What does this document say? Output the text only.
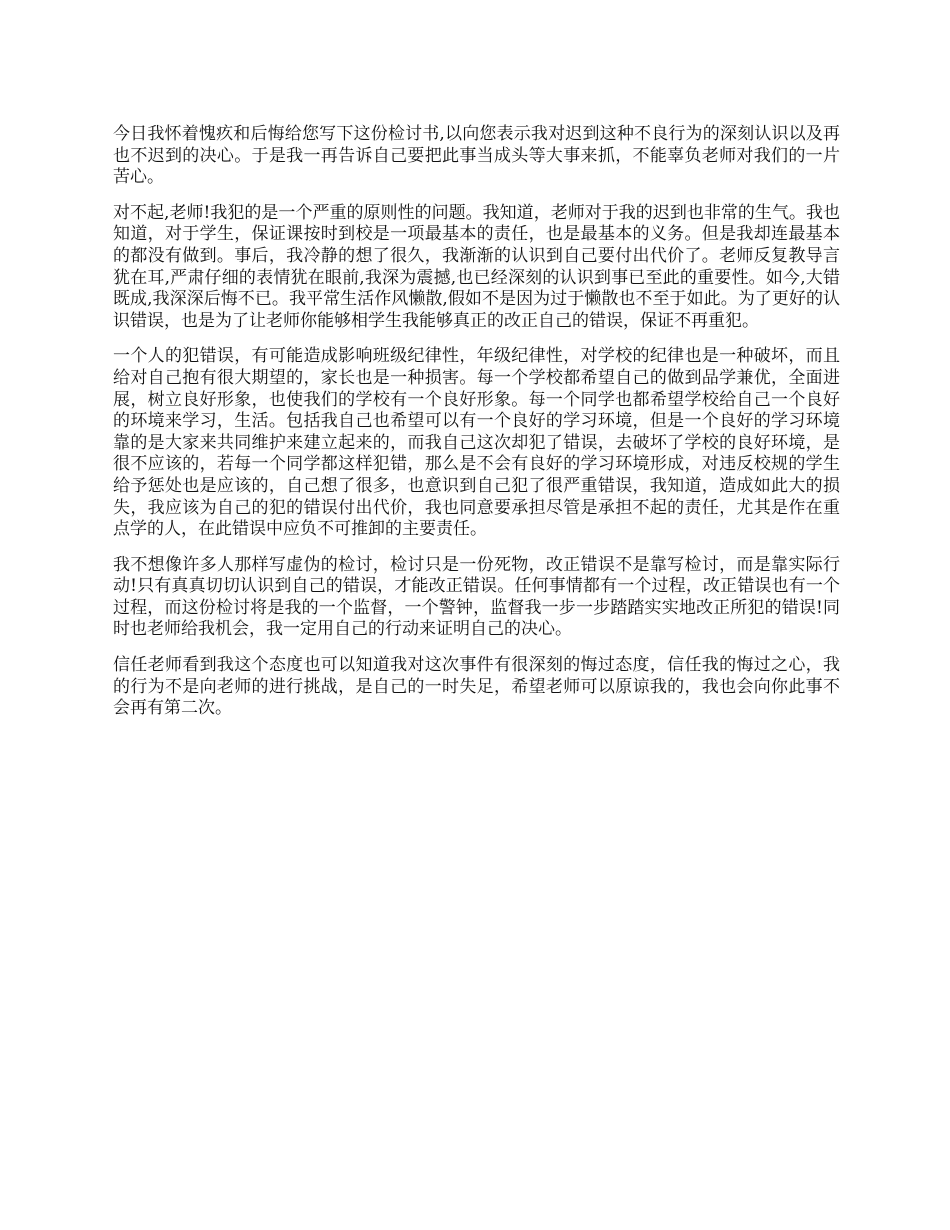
今日我怀着愧疚和后悔给您写下这份检讨书,以向您表示我对迟到这种不良行为的深刻认识以及再也不迟到的决心。于是我一再告诉自己要把此事当成头等大事来抓，不能辜负老师对我们的一片苦心。

对不起,老师!我犯的是一个严重的原则性的问题。我知道，老师对于我的迟到也非常的生气。我也知道，对于学生，保证课按时到校是一项最基本的责任，也是最基本的义务。但是我却连最基本的都没有做到。事后，我冷静的想了很久，我渐渐的认识到自己要付出代价了。老师反复教导言犹在耳,严肃仔细的表情犹在眼前,我深为震撼,也已经深刻的认识到事已至此的重要性。如今,大错既成,我深深后悔不已。我平常生活作风懒散,假如不是因为过于懒散也不至于如此。为了更好的认识错误，也是为了让老师你能够相学生我能够真正的改正自己的错误，保证不再重犯。

一个人的犯错误，有可能造成影响班级纪律性，年级纪律性，对学校的纪律也是一种破坏，而且给对自己抱有很大期望的，家长也是一种损害。每一个学校都希望自己的做到品学兼优，全面进展，树立良好形象，也使我们的学校有一个良好形象。每一个同学也都希望学校给自己一个良好的环境来学习，生活。包括我自己也希望可以有一个良好的学习环境，但是一个良好的学习环境靠的是大家来共同维护来建立起来的，而我自己这次却犯了错误，去破坏了学校的良好环境，是很不应该的，若每一个同学都这样犯错，那么是不会有良好的学习环境形成，对违反校规的学生给予惩处也是应该的，自己想了很多，也意识到自己犯了很严重错误，我知道，造成如此大的损失，我应该为自己的犯的错误付出代价，我也同意要承担尽管是承担不起的责任，尤其是作在重点学的人，在此错误中应负不可推卸的主要责任。

我不想像许多人那样写虚伪的检讨，检讨只是一份死物，改正错误不是靠写检讨，而是靠实际行动!只有真真切切认识到自己的错误，才能改正错误。任何事情都有一个过程，改正错误也有一个过程，而这份检讨将是我的一个监督，一个警钟，监督我一步一步踏踏实实地改正所犯的错误!同时也老师给我机会，我一定用自己的行动来证明自己的决心。

信任老师看到我这个态度也可以知道我对这次事件有很深刻的悔过态度，信任我的悔过之心，我的行为不是向老师的进行挑战，是自己的一时失足，希望老师可以原谅我的，我也会向你此事不会再有第二次。
